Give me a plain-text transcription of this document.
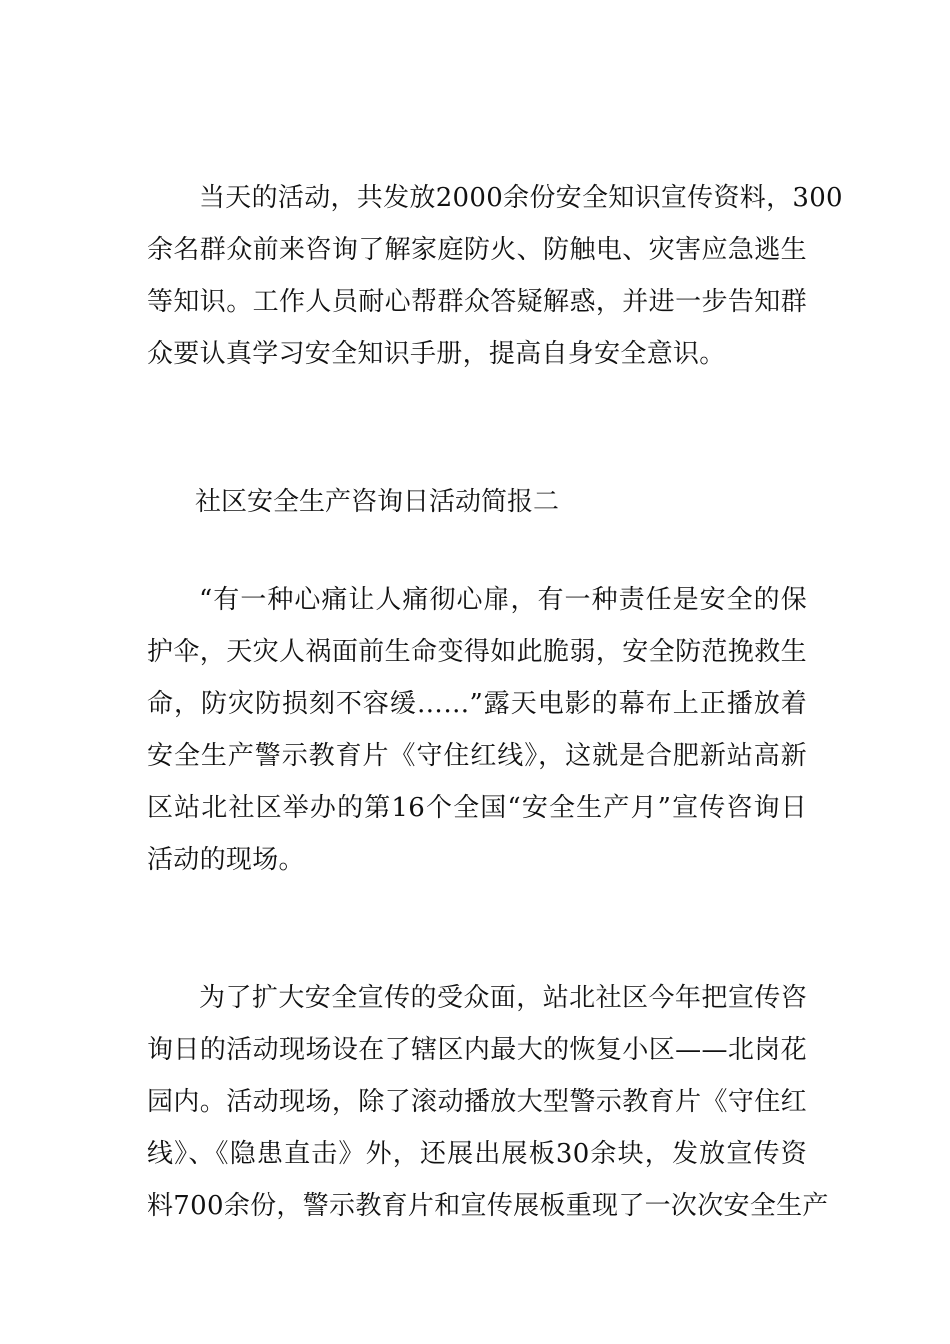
当天的活动，共发放2000余份安全知识宣传资料，300
余名群众前来咨询了解家庭防火、防触电、灾害应急逃生
等知识。工作人员耐心帮群众答疑解惑，并进一步告知群
众要认真学习安全知识手册，提高自身安全意识。
社区安全生产咨询日活动简报二
“有一种心痛让人痛彻心扉，有一种责任是安全的保
护伞，天灾人祸面前生命变得如此脆弱，安全防范挽救生
命，防灾防损刻不容缓……”露天电影的幕布上正播放着
安全生产警示教育片《守住红线》，这就是合肥新站高新
区站北社区举办的第16个全国“安全生产月”宣传咨询日
活动的现场。
为了扩大安全宣传的受众面，站北社区今年把宣传咨
询日的活动现场设在了辖区内最大的恢复小区——北岗花
园内。活动现场，除了滚动播放大型警示教育片《守住红
线》、《隐患直击》外，还展出展板30余块，发放宣传资
料700余份，警示教育片和宣传展板重现了一次次安全生产
